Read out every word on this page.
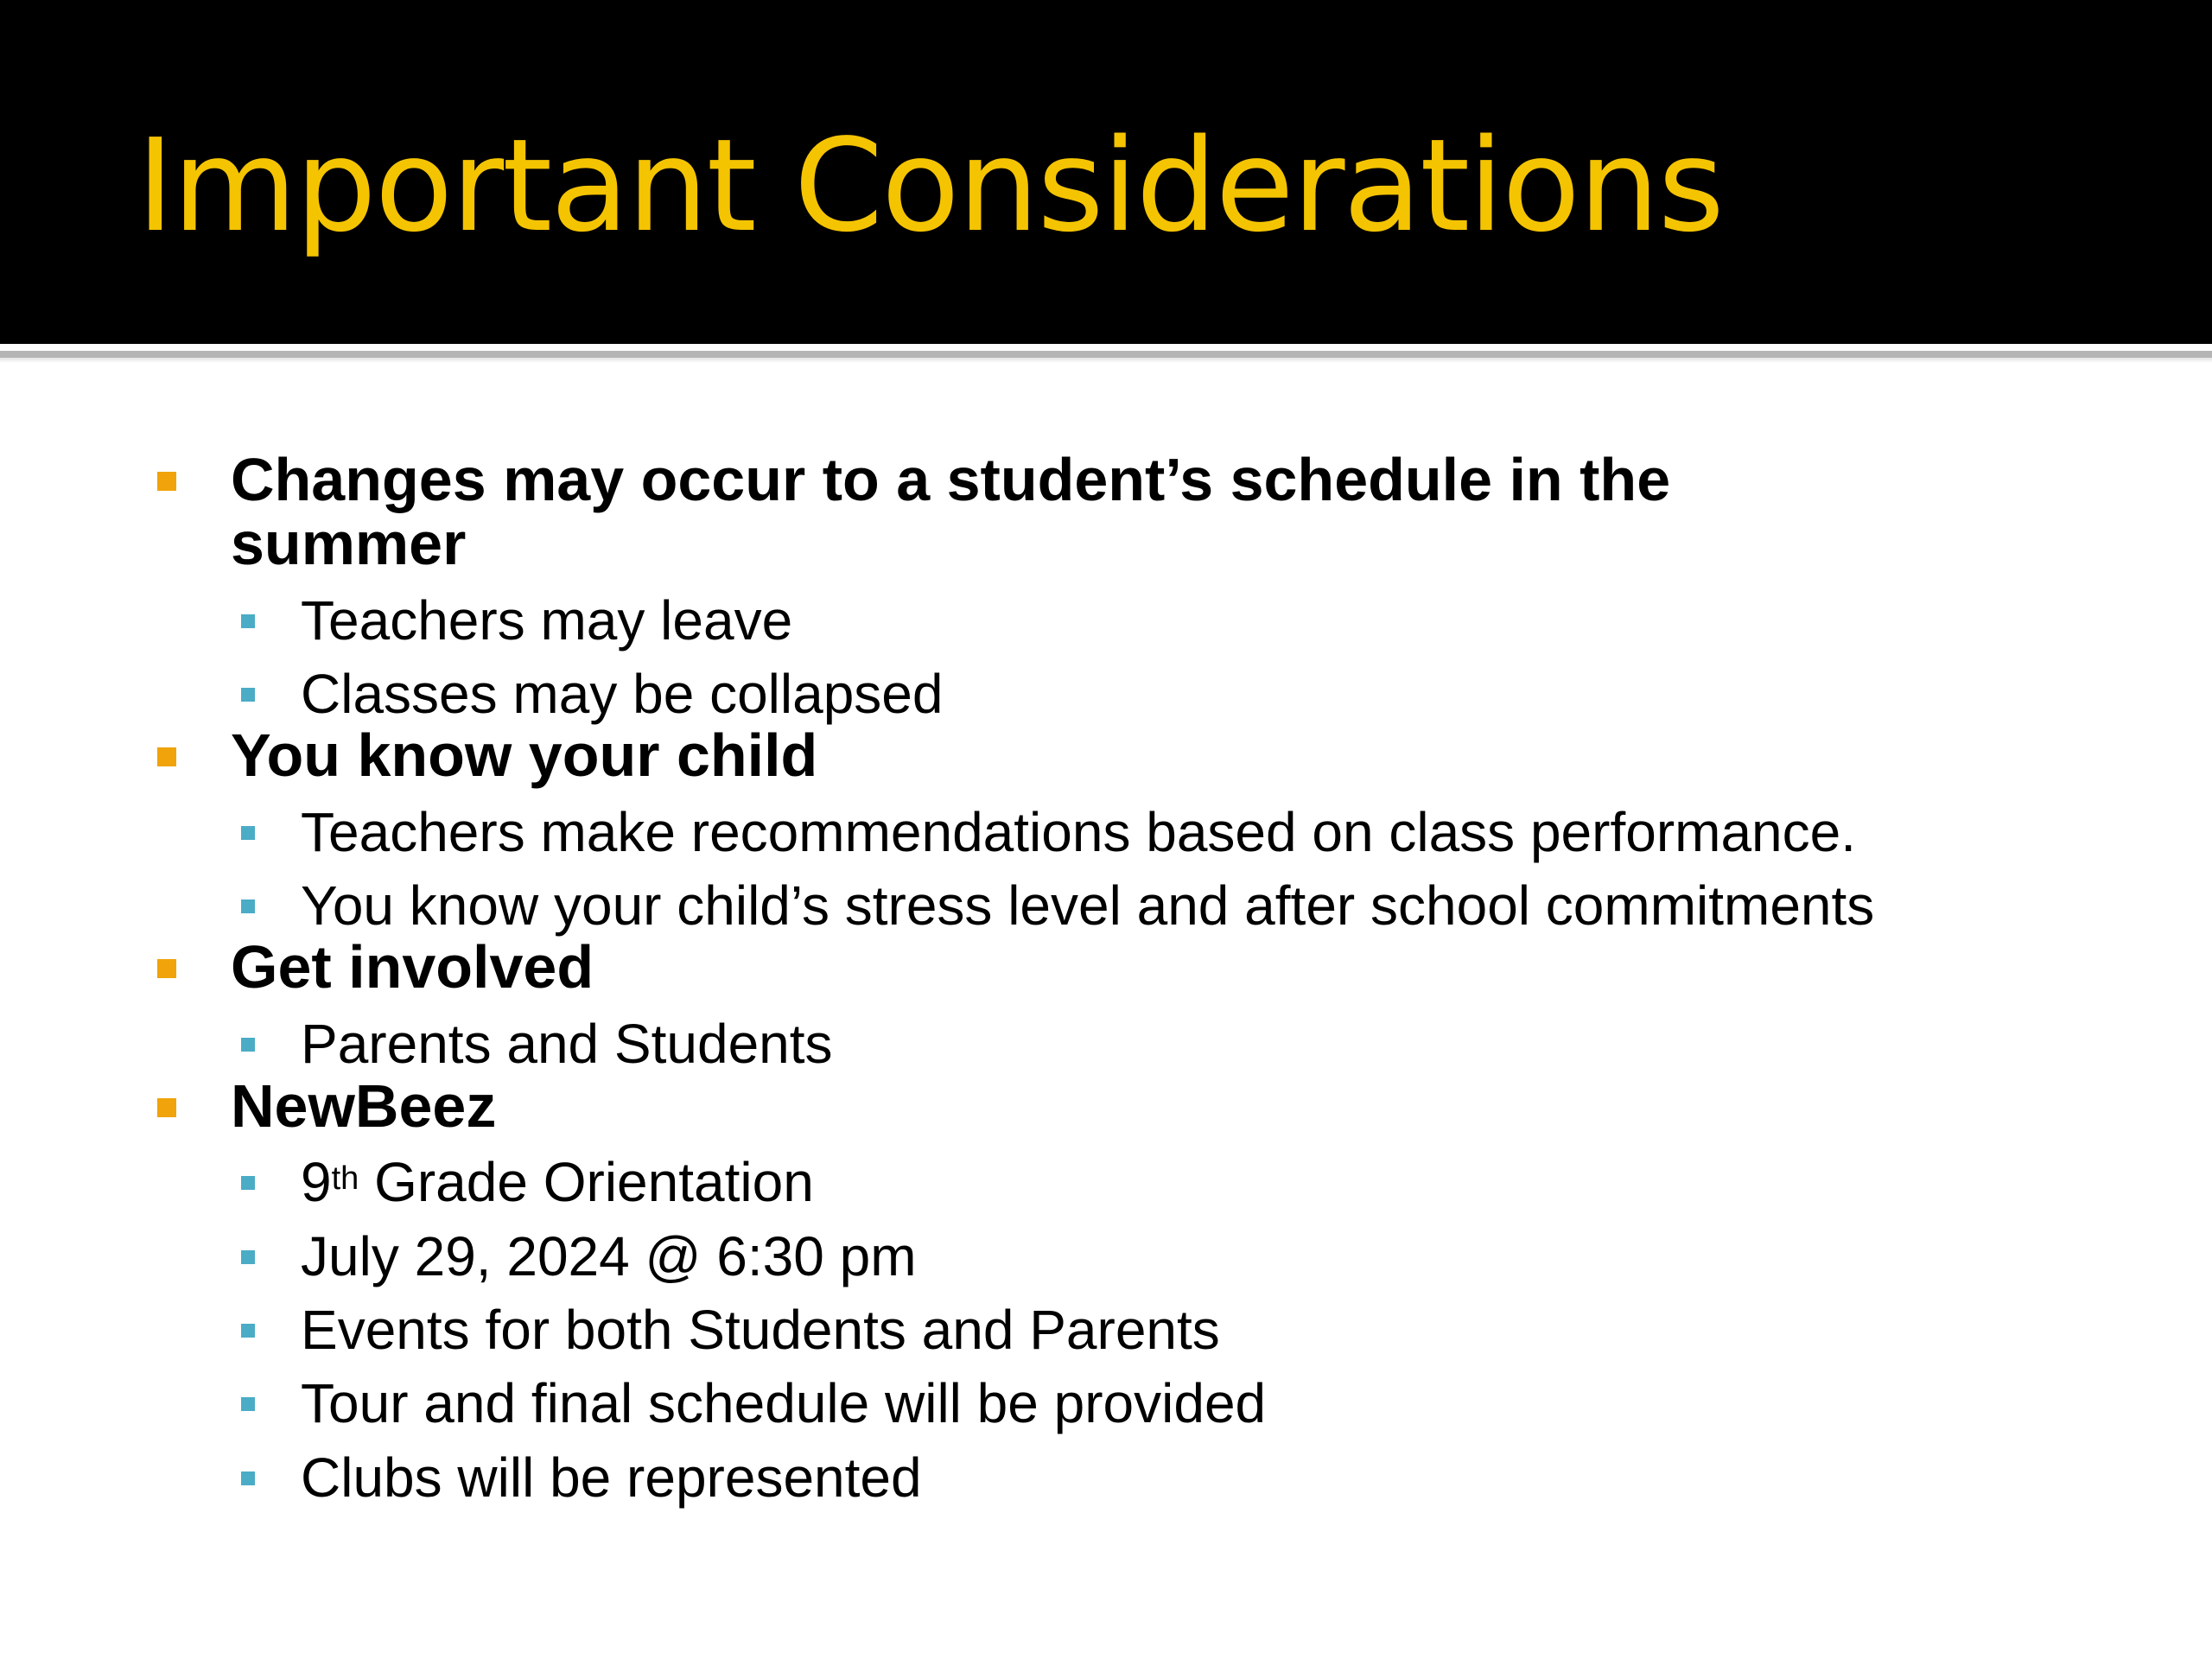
Important Considerations
Changes may occur to a student’s schedule in the
summer
Teachers may leave
Classes may be collapsed
You know your child
Teachers make recommendations based on class performance.
You know your child’s stress level and after school commitments
Get involved
Parents and Students
NewBeez
9th Grade Orientation
July 29, 2024 @ 6:30 pm
Events for both Students and Parents
Tour and final schedule will be provided
Clubs will be represented
